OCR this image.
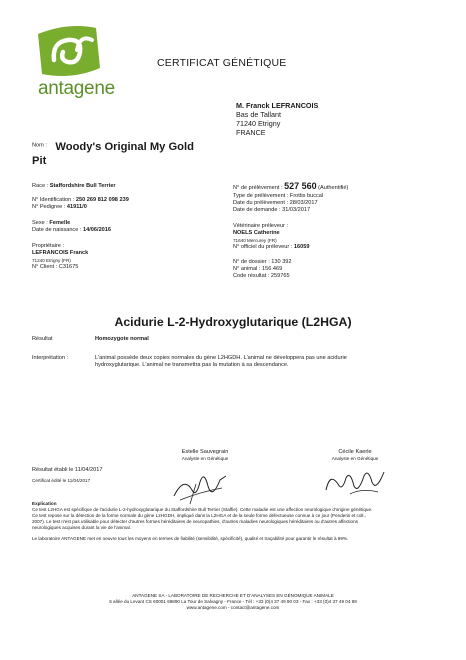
antagene
CERTIFICAT GÉNÉTIQUE
M. Franck LEFRANCOIS
Bas de Tallant
71240 Etrigny
FRANCE
Nom : Woody's Original My Gold
Pit
Race : Staffordshire Bull Terrier
N° Identification : 250 269 812 098 239
N° Pedigree : 41911/0
Sexe : Femelle
Date de naissance : 14/06/2016
Propriétaire :
LEFRANCOIS Franck
71240 Etrigny (FR)
N° Client : C31675
N° de prélèvement : 527 560 (Authentifié)
Type de prélèvement : Frottis buccal
Date du prélèvement : 28/03/2017
Date de demande : 31/03/2017
Vétérinaire préleveur :
NOELS Catherine
71640 Mercurey (FR)
N° officiel du préleveur : 16059
N° de dossier : 130 392
N° animal : 156 469
Code résultat : 259765
Acidurie L-2-Hydroxyglutarique (L2HGA)
Résultat	Homozygote normal
Interprétation :	L'animal possède deux copies normales du gène L2HGDH. L'animal ne développera pas une acidurie
hydroxyglutarique. L'animal ne transmettra pas la mutation à sa descendance.
Estelle Sauvegrain
Analyste en Génétique
Cécile Kaerle
Analyste en Génétique
Résultat établi le 11/04/2017
Certificat édité le 11/04/2017
Explication
Ce test L2HGA est spécifique de l'acidurie L-2-hydroxyglutarique du Staffordshire Bull Terrier (Staffie). Cette maladie est une affection neurologique d'origine génétique.
Ce test repose sur la détection de la forme normale du gène L2HGDH, impliqué dans la L2HGA et de la seule forme défectueuse connue à ce jour (Penderis et coll.,
2007). Le test n'est pas utilisable pour détecter d'autres formes héréditaires de neuropathies, d'autres maladies neurologiques héréditaires ou d'autres affections
neurologiques acquises durant la vie de l'animal.
Le laboratoire ANTAGENE met en oeuvre tous les moyens en termes de fiabilité (sensibilité, spécificité), qualité et traçabilité pour garantir le résultat à 99%.
ANTAGENE SA - LABORATOIRE DE RECHERCHE ET D'ANALYSES EN GÉNOMIQUE ANIMALE
6 allée du Levant CS 60001 69890 La Tour de Salvagny - France - Tél : +33 (0)4 37 49 90 03 - Fax : +33 (0)4 37 49 04 89
www.antagene.com - contact@antagene.com
